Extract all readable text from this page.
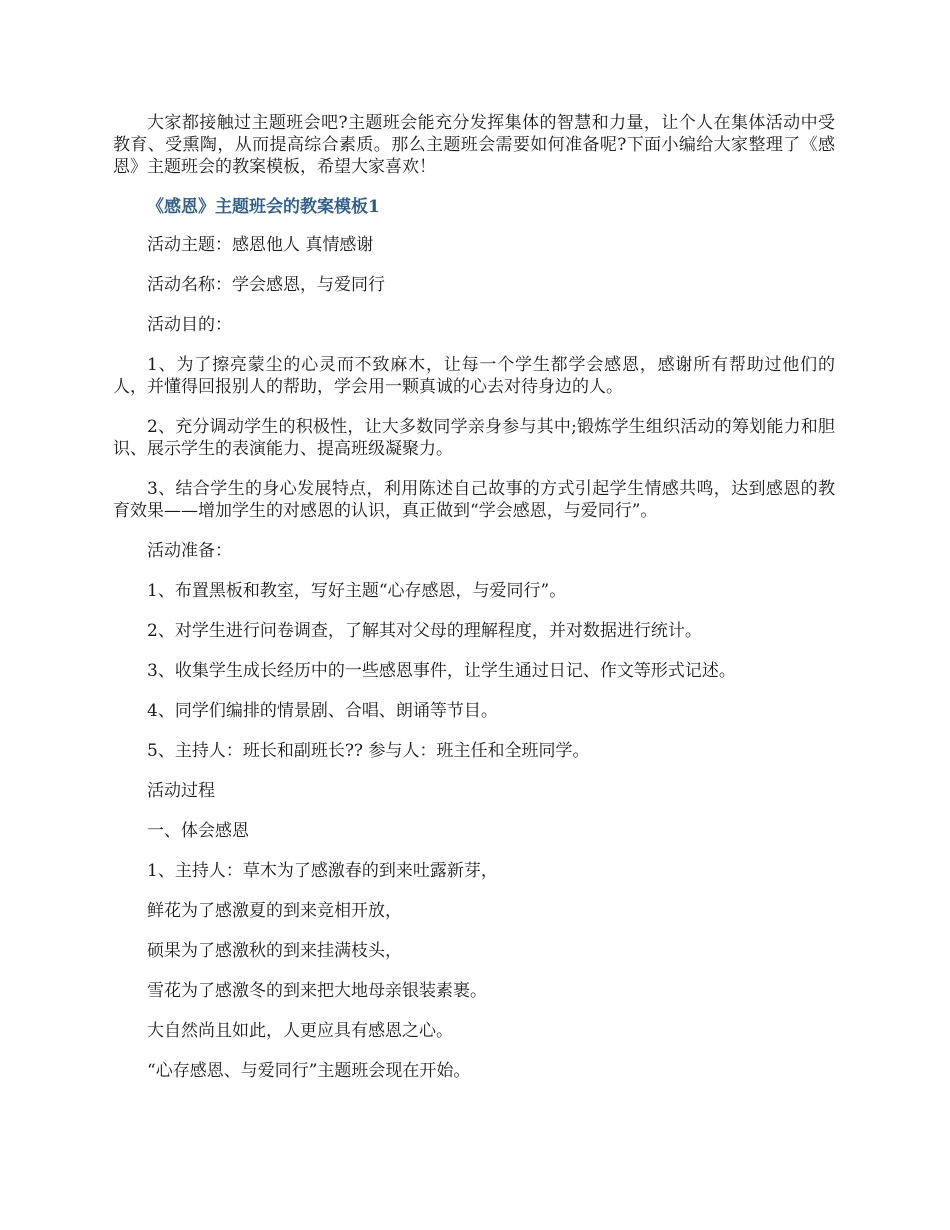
大家都接触过主题班会吧?主题班会能充分发挥集体的智慧和力量，让个人在集体活动中受教育、受熏陶，从而提高综合素质。那么主题班会需要如何准备呢?下面小编给大家整理了《感恩》主题班会的教案模板，希望大家喜欢！

《感恩》主题班会的教案模板1

活动主题：感恩他人 真情感谢

活动名称：学会感恩，与爱同行

活动目的：

1、为了擦亮蒙尘的心灵而不致麻木，让每一个学生都学会感恩，感谢所有帮助过他们的人，并懂得回报别人的帮助，学会用一颗真诚的心去对待身边的人。

2、充分调动学生的积极性，让大多数同学亲身参与其中;锻炼学生组织活动的筹划能力和胆识、展示学生的表演能力、提高班级凝聚力。

3、结合学生的身心发展特点，利用陈述自己故事的方式引起学生情感共鸣，达到感恩的教育效果——增加学生的对感恩的认识，真正做到“学会感恩，与爱同行”。

活动准备：

1、布置黑板和教室，写好主题“心存感恩，与爱同行”。

2、对学生进行问卷调查，了解其对父母的理解程度，并对数据进行统计。

3、收集学生成长经历中的一些感恩事件，让学生通过日记、作文等形式记述。

4、同学们编排的情景剧、合唱、朗诵等节目。

5、主持人：班长和副班长?? 参与人：班主任和全班同学。

活动过程

一、体会感恩

1、主持人：草木为了感激春的到来吐露新芽，

鲜花为了感激夏的到来竞相开放，

硕果为了感激秋的到来挂满枝头，

雪花为了感激冬的到来把大地母亲银装素裹。

大自然尚且如此，人更应具有感恩之心。

“心存感恩、与爱同行”主题班会现在开始。
